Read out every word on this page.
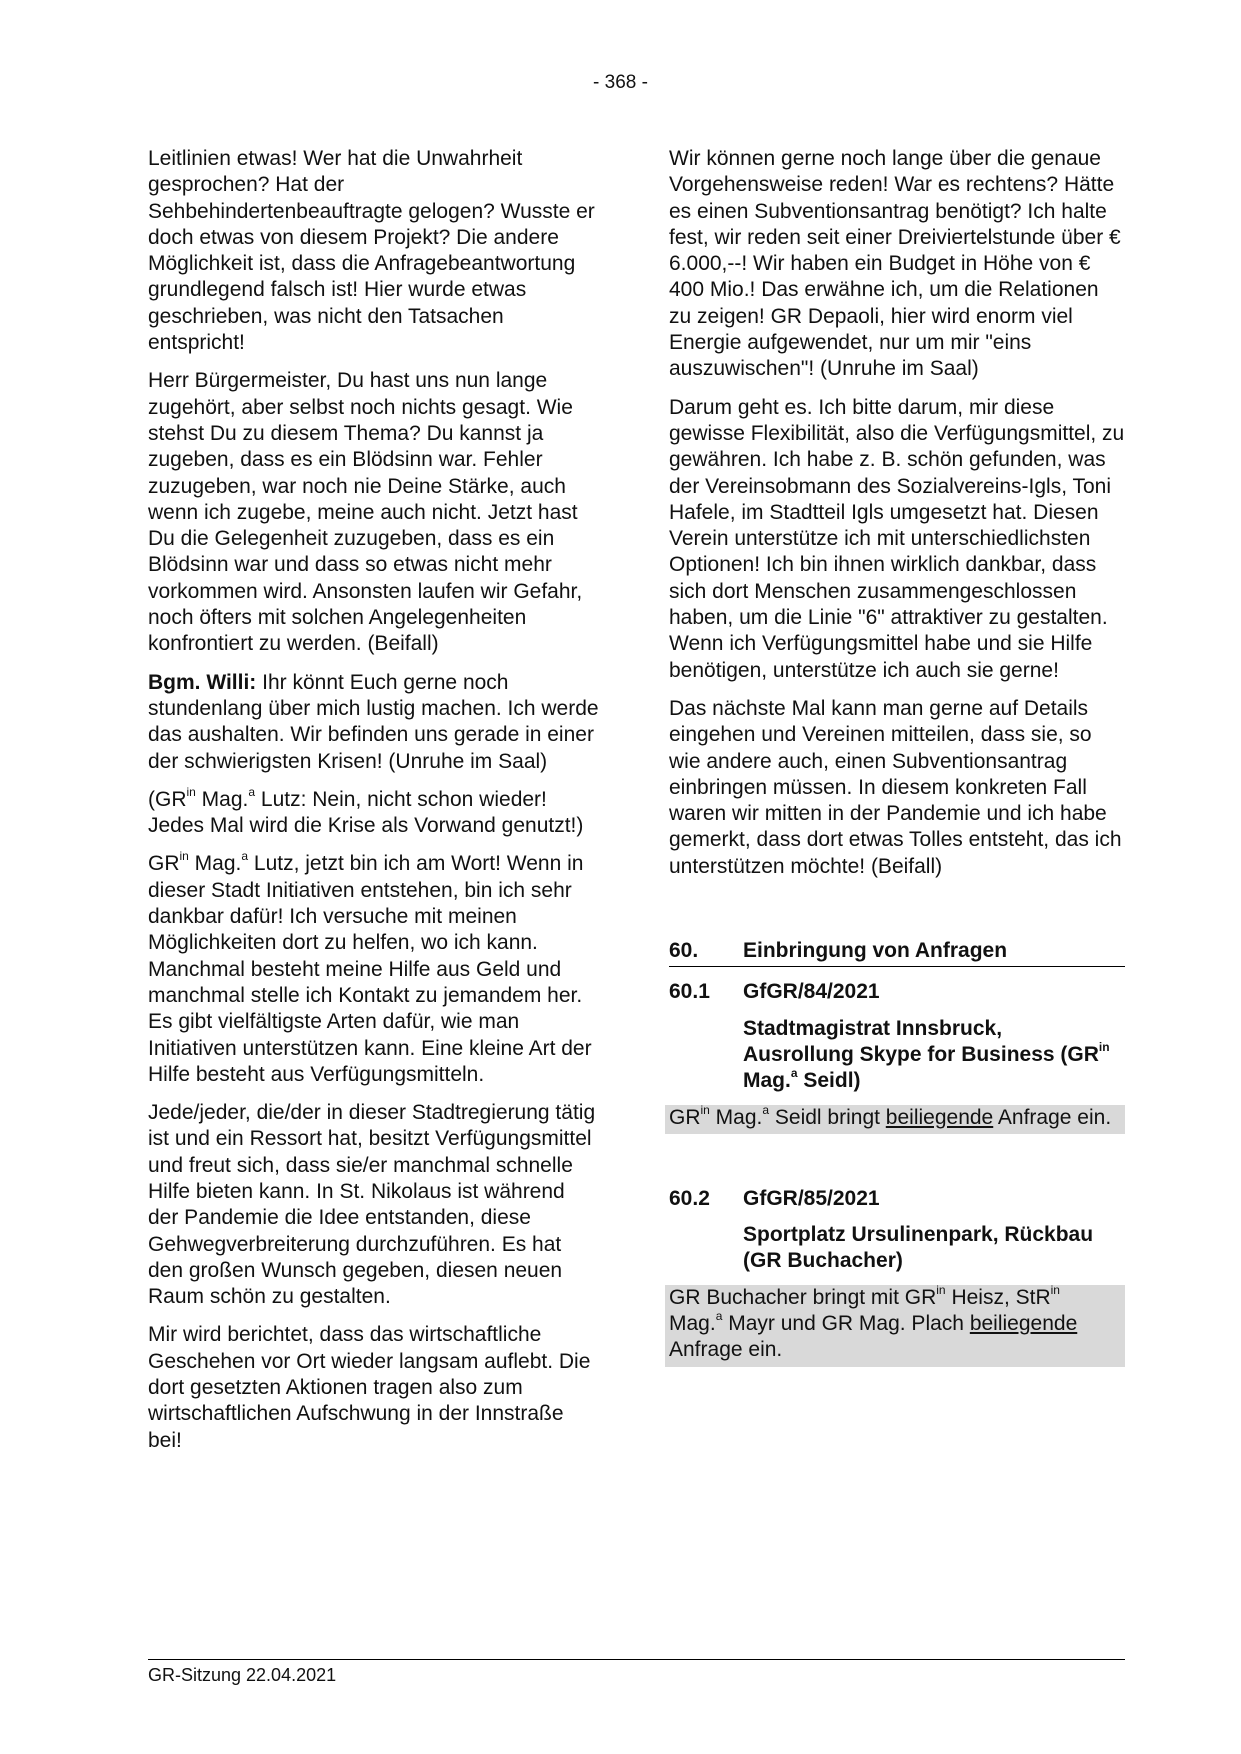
- 368 -

Leitlinien etwas! Wer hat die Unwahrheit gesprochen? Hat der Sehbehindertenbeauftragte gelogen? Wusste er doch etwas von diesem Projekt? Die andere Möglichkeit ist, dass die Anfragebeantwortung grundlegend falsch ist! Hier wurde etwas geschrieben, was nicht den Tatsachen entspricht!

Herr Bürgermeister, Du hast uns nun lange zugehört, aber selbst noch nichts gesagt. Wie stehst Du zu diesem Thema? Du kannst ja zugeben, dass es ein Blödsinn war. Fehler zuzugeben, war noch nie Deine Stärke, auch wenn ich zugebe, meine auch nicht. Jetzt hast Du die Gelegenheit zuzugeben, dass es ein Blödsinn war und dass so etwas nicht mehr vorkommen wird. Ansonsten laufen wir Gefahr, noch öfters mit solchen Angelegenheiten konfrontiert zu werden. (Beifall)

Bgm. Willi: Ihr könnt Euch gerne noch stundenlang über mich lustig machen. Ich werde das aushalten. Wir befinden uns gerade in einer der schwierigsten Krisen! (Unruhe im Saal)

($GR^{in}$ Mag.$^a$ Lutz: Nein, nicht schon wieder! Jedes Mal wird die Krise als Vorwand genutzt!)

$GR^{in}$ Mag.$^a$ Lutz, jetzt bin ich am Wort! Wenn in dieser Stadt Initiativen entstehen, bin ich sehr dankbar dafür! Ich versuche mit meinen Möglichkeiten dort zu helfen, wo ich kann. Manchmal besteht meine Hilfe aus Geld und manchmal stelle ich Kontakt zu jemandem her. Es gibt vielfältigste Arten dafür, wie man Initiativen unterstützen kann. Eine kleine Art der Hilfe besteht aus Verfügungsmitteln.

Jede/jeder, die/der in dieser Stadtregierung tätig ist und ein Ressort hat, besitzt Verfügungsmittel und freut sich, dass sie/er manchmal schnelle Hilfe bieten kann. In St. Nikolaus ist während der Pandemie die Idee entstanden, diese Gehwegverbreiterung durchzuführen. Es hat den großen Wunsch gegeben, diesen neuen Raum schön zu gestalten.

Mir wird berichtet, dass das wirtschaftliche Geschehen vor Ort wieder langsam auflebt. Die dort gesetzten Aktionen tragen also zum wirtschaftlichen Aufschwung in der Innstraße bei!

Wir können gerne noch lange über die genaue Vorgehensweise reden! War es rechtens? Hätte es einen Subventionsantrag benötigt? Ich halte fest, wir reden seit einer Dreiviertelstunde über € 6.000,--! Wir haben ein Budget in Höhe von € 400 Mio.! Das erwähne ich, um die Relationen zu zeigen! GR Depaoli, hier wird enorm viel Energie aufgewendet, nur um mir "eins auszuwischen"! (Unruhe im Saal)

Darum geht es. Ich bitte darum, mir diese gewisse Flexibilität, also die Verfügungsmittel, zu gewähren. Ich habe z. B. schön gefunden, was der Vereinsobmann des Sozialvereins-Igls, Toni Hafele, im Stadtteil Igls umgesetzt hat. Diesen Verein unterstütze ich mit unterschiedlichsten Optionen! Ich bin ihnen wirklich dankbar, dass sich dort Menschen zusammengeschlossen haben, um die Linie "6" attraktiver zu gestalten. Wenn ich Verfügungsmittel habe und sie Hilfe benötigen, unterstütze ich auch sie gerne!

Das nächste Mal kann man gerne auf Details eingehen und Vereinen mitteilen, dass sie, so wie andere auch, einen Subventionsantrag einbringen müssen. In diesem konkreten Fall waren wir mitten in der Pandemie und ich habe gemerkt, dass dort etwas Tolles entsteht, das ich unterstützen möchte! (Beifall)

60.	Einbringung von Anfragen
60.1	GfGR/84/2021
Stadtmagistrat Innsbruck, Ausrollung Skype for Business ($GR^{in}$ Mag.$^a$ Seidl)
$GR^{in}$ Mag.$^a$ Seidl bringt beiliegende Anfrage ein.
60.2	GfGR/85/2021
Sportplatz Ursulinenpark, Rückbau (GR Buchacher)
GR Buchacher bringt mit $GR^{in}$ Heisz, StR$^{in}$ Mag.$^a$ Mayr und GR Mag. Plach beiliegende Anfrage ein.
GR-Sitzung 22.04.2021
